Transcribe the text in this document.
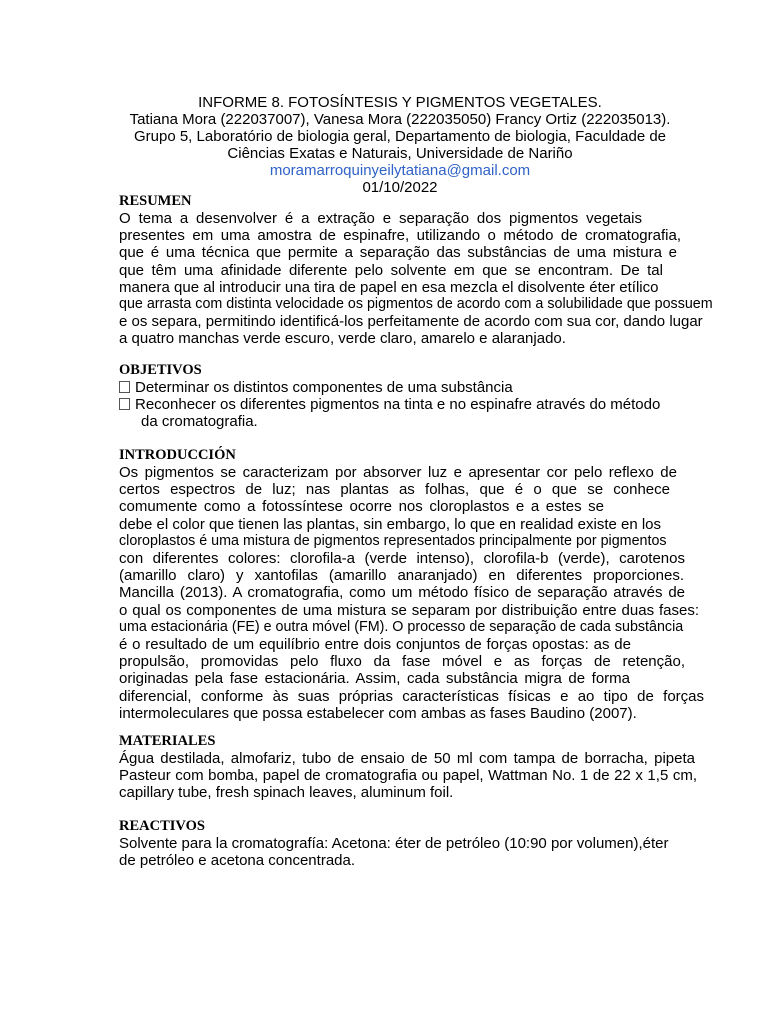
INFORME 8. FOTOSÍNTESIS Y PIGMENTOS VEGETALES.
Tatiana Mora (222037007), Vanesa Mora (222035050) Francy Ortiz (222035013).
Grupo 5, Laboratório de biologia geral, Departamento de biologia, Faculdade de
Ciências Exatas e Naturais, Universidade de Nariño
moramarroquinyeilytatiana@gmail.com
01/10/2022
RESUMEN
O tema a desenvolver é a extração e separação dos pigmentos vegetais
presentes em uma amostra de espinafre, utilizando o método de cromatografia,
que é uma técnica que permite a separação das substâncias de uma mistura e
que têm uma afinidade diferente pelo solvente em que se encontram. De tal
manera que al introducir una tira de papel en esa mezcla el disolvente éter etílico
que arrasta com distinta velocidade os pigmentos de acordo com a solubilidade que possuem
e os separa, permitindo identificá-los perfeitamente de acordo com sua cor, dando lugar
a quatro manchas verde escuro, verde claro, amarelo e alaranjado.
OBJETIVOS
Determinar os distintos componentes de uma substância
Reconhecer os diferentes pigmentos na tinta e no espinafre através do método
da cromatografia.
INTRODUCCIÓN
Os pigmentos se caracterizam por absorver luz e apresentar cor pelo reflexo de
certos espectros de luz; nas plantas as folhas, que é o que se conhece
comumente como a fotossíntese ocorre nos cloroplastos e a estes se
debe el color que tienen las plantas, sin embargo, lo que en realidad existe en los
cloroplastos é uma mistura de pigmentos representados principalmente por pigmentos
con diferentes colores: clorofila-a (verde intenso), clorofila-b (verde), carotenos
(amarillo claro) y xantofilas (amarillo anaranjado) en diferentes proporciones.
Mancilla (2013). A cromatografia, como um método físico de separação através de
o qual os componentes de uma mistura se separam por distribuição entre duas fases:
uma estacionária (FE) e outra móvel (FM). O processo de separação de cada substância
é o resultado de um equilíbrio entre dois conjuntos de forças opostas: as de
propulsão, promovidas pelo fluxo da fase móvel e as forças de retenção,
originadas pela fase estacionária. Assim, cada substância migra de forma
diferencial, conforme às suas próprias características físicas e ao tipo de forças
intermoleculares que possa estabelecer com ambas as fases Baudino (2007).
MATERIALES
Água destilada, almofariz, tubo de ensaio de 50 ml com tampa de borracha, pipeta
Pasteur com bomba, papel de cromatografia ou papel, Wattman No. 1 de 22 x 1,5 cm,
capillary tube, fresh spinach leaves, aluminum foil.
REACTIVOS
Solvente para la cromatografía: Acetona: éter de petróleo (10:90 por volumen),éter
de petróleo e acetona concentrada.
